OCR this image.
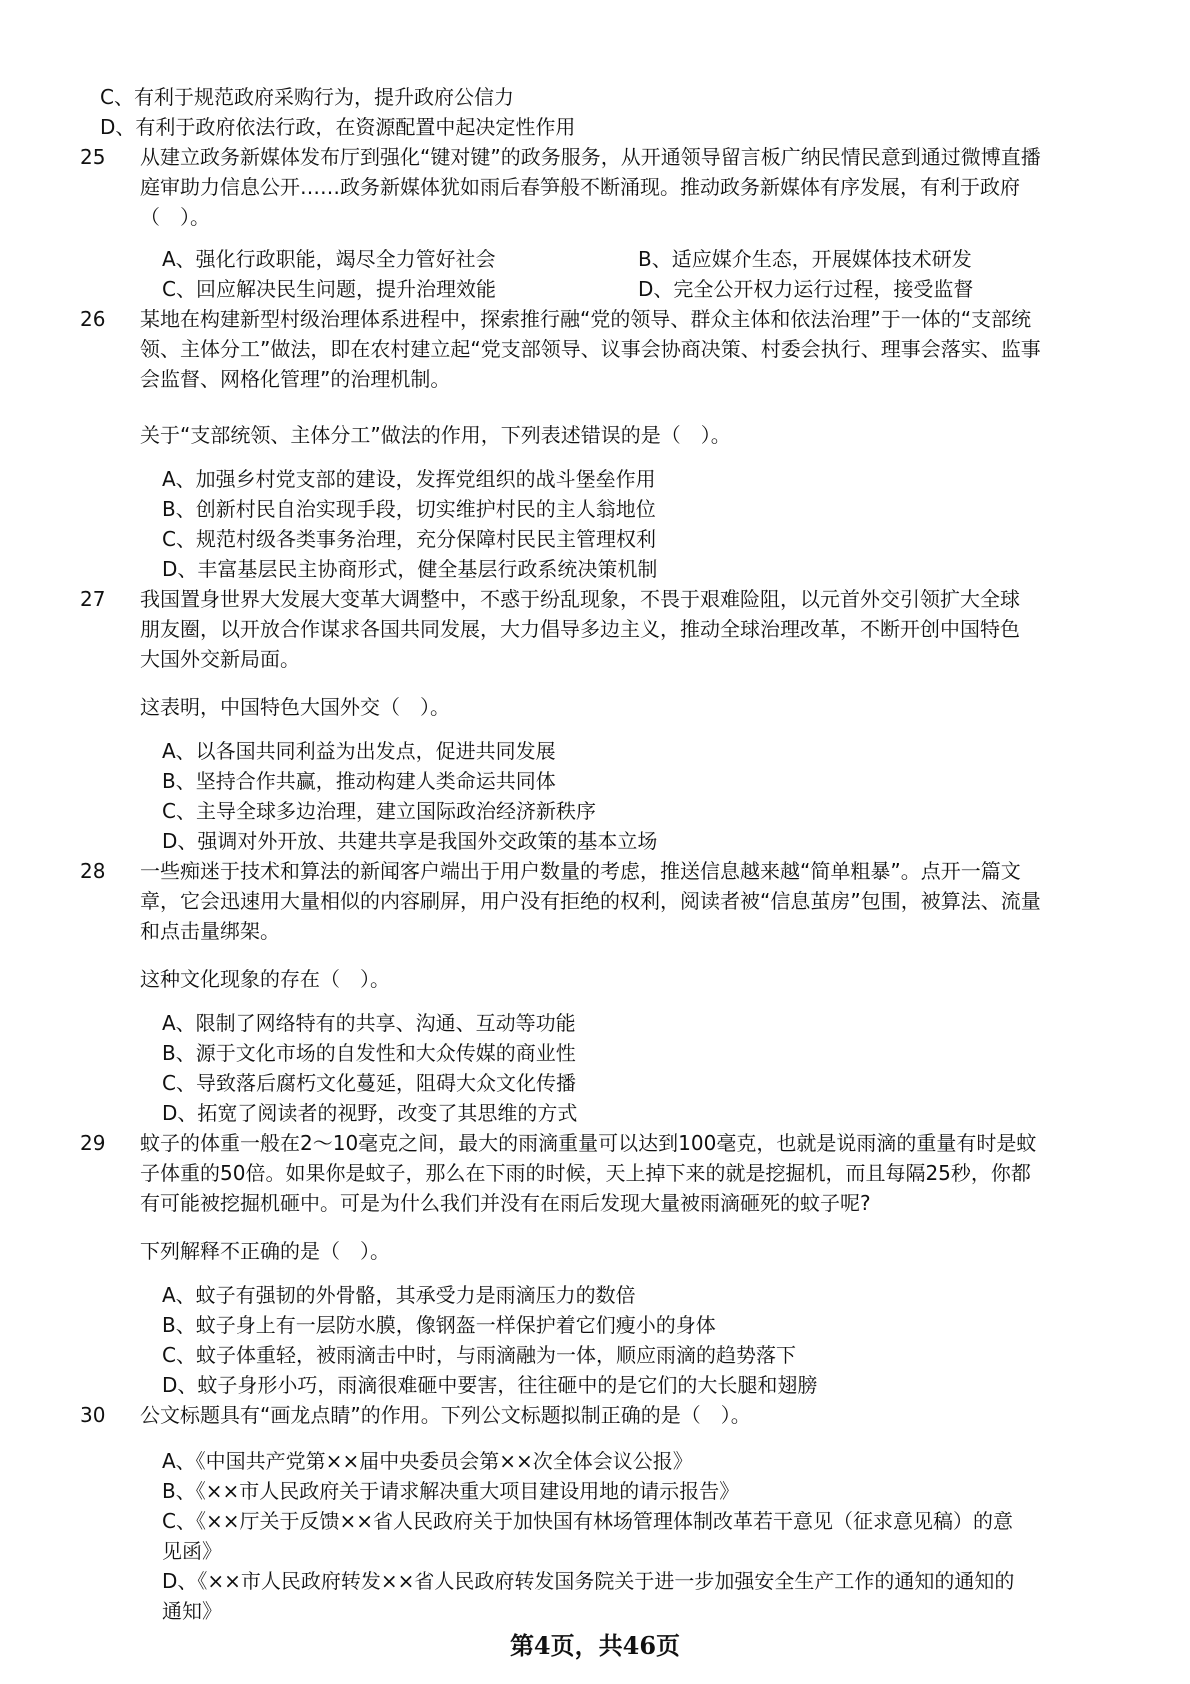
C、有利于规范政府采购行为，提升政府公信力
D、有利于政府依法行政，在资源配置中起决定性作用
25	从建立政务新媒体发布厅到强化“键对键”的政务服务，从开通领导留言板广纳民情民意到通过微博直播
庭审助力信息公开……政务新媒体犹如雨后春笋般不断涌现。推动政务新媒体有序发展，有利于政府
（　）。
A、强化行政职能，竭尽全力管好社会	B、适应媒介生态，开展媒体技术研发
C、回应解决民生问题，提升治理效能	D、完全公开权力运行过程，接受监督
26	某地在构建新型村级治理体系进程中，探索推行融“党的领导、群众主体和依法治理”于一体的“支部统
领、主体分工”做法，即在农村建立起“党支部领导、议事会协商决策、村委会执行、理事会落实、监事
会监督、网格化管理”的治理机制。
关于“支部统领、主体分工”做法的作用，下列表述错误的是（　）。
A、加强乡村党支部的建设，发挥党组织的战斗堡垒作用
B、创新村民自治实现手段，切实维护村民的主人翁地位
C、规范村级各类事务治理，充分保障村民民主管理权利
D、丰富基层民主协商形式，健全基层行政系统决策机制
27	我国置身世界大发展大变革大调整中，不惑于纷乱现象，不畏于艰难险阻，以元首外交引领扩大全球
朋友圈，以开放合作谋求各国共同发展，大力倡导多边主义，推动全球治理改革，不断开创中国特色
大国外交新局面。
这表明，中国特色大国外交（　）。
A、以各国共同利益为出发点，促进共同发展
B、坚持合作共赢，推动构建人类命运共同体
C、主导全球多边治理，建立国际政治经济新秩序
D、强调对外开放、共建共享是我国外交政策的基本立场
28	一些痴迷于技术和算法的新闻客户端出于用户数量的考虑，推送信息越来越“简单粗暴”。点开一篇文
章，它会迅速用大量相似的内容刷屏，用户没有拒绝的权利，阅读者被“信息茧房”包围，被算法、流量
和点击量绑架。
这种文化现象的存在（　）。
A、限制了网络特有的共享、沟通、互动等功能
B、源于文化市场的自发性和大众传媒的商业性
C、导致落后腐朽文化蔓延，阻碍大众文化传播
D、拓宽了阅读者的视野，改变了其思维的方式
29	蚊子的体重一般在2～10毫克之间，最大的雨滴重量可以达到100毫克，也就是说雨滴的重量有时是蚊
子体重的50倍。如果你是蚊子，那么在下雨的时候，天上掉下来的就是挖掘机，而且每隔25秒，你都
有可能被挖掘机砸中。可是为什么我们并没有在雨后发现大量被雨滴砸死的蚊子呢?
下列解释不正确的是（　）。
A、蚊子有强韧的外骨骼，其承受力是雨滴压力的数倍
B、蚊子身上有一层防水膜，像钢盔一样保护着它们瘦小的身体
C、蚊子体重轻，被雨滴击中时，与雨滴融为一体，顺应雨滴的趋势落下
D、蚊子身形小巧，雨滴很难砸中要害，往往砸中的是它们的大长腿和翅膀
30	公文标题具有“画龙点睛”的作用。下列公文标题拟制正确的是（　）。
A、《中国共产党第××届中央委员会第××次全体会议公报》
B、《××市人民政府关于请求解决重大项目建设用地的请示报告》
C、《××厅关于反馈××省人民政府关于加快国有林场管理体制改革若干意见（征求意见稿）的意
见函》
D、《××市人民政府转发××省人民政府转发国务院关于进一步加强安全生产工作的通知的通知的
通知》
第4页，共46页
